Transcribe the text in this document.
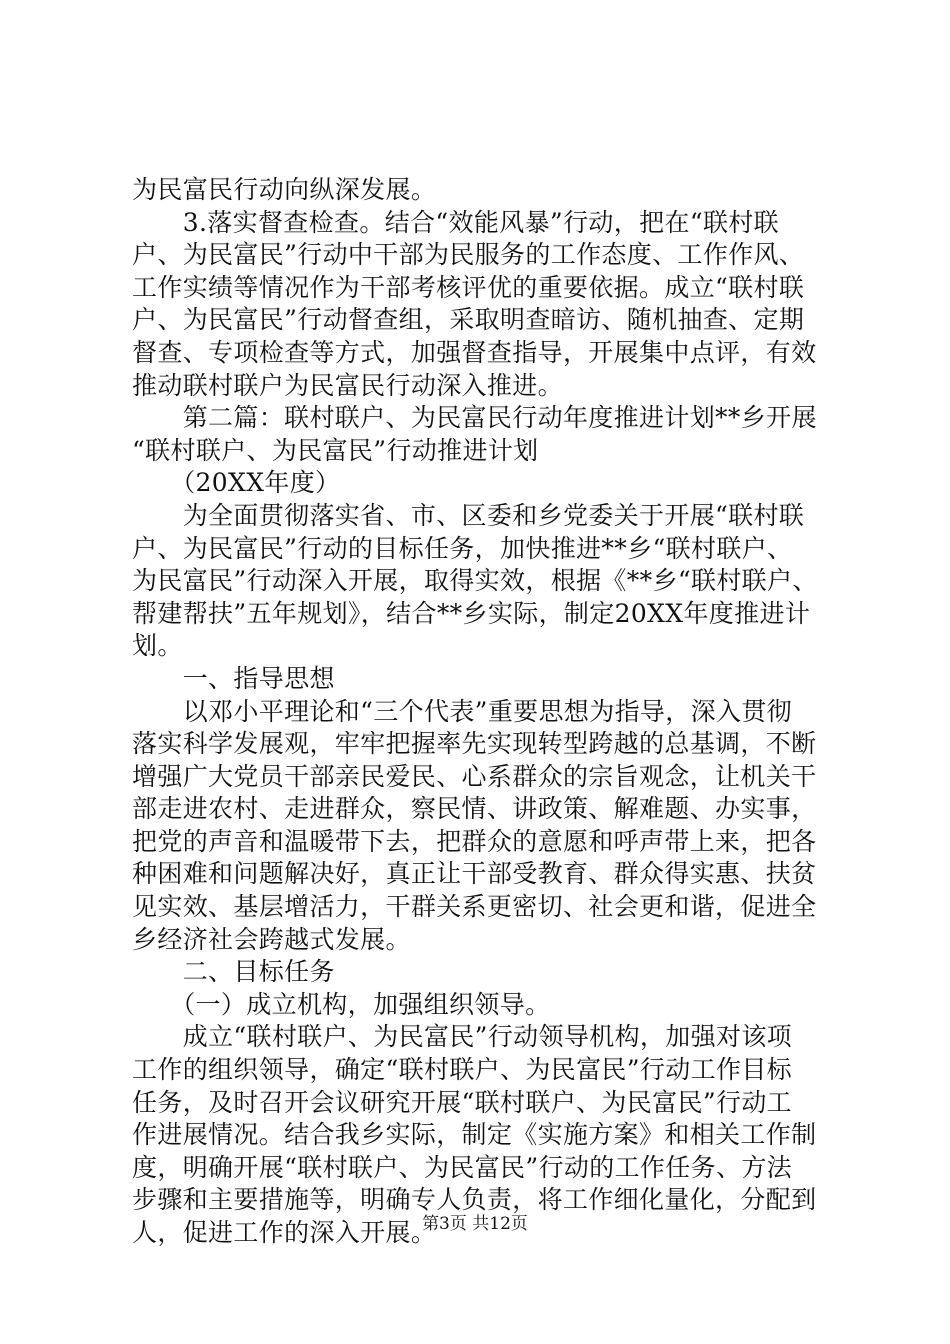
为民富民行动向纵深发展。
　　3.落实督查检查。结合“效能风暴”行动，把在“联村联
户、为民富民”行动中干部为民服务的工作态度、工作作风、
工作实绩等情况作为干部考核评优的重要依据。成立“联村联
户、为民富民”行动督查组，采取明查暗访、随机抽查、定期
督查、专项检查等方式，加强督查指导，开展集中点评，有效
推动联村联户为民富民行动深入推进。
　　第二篇：联村联户、为民富民行动年度推进计划**乡开展
“联村联户、为民富民”行动推进计划
　　（20XX年度）
　　为全面贯彻落实省、市、区委和乡党委关于开展“联村联
户、为民富民”行动的目标任务，加快推进**乡“联村联户、
为民富民”行动深入开展，取得实效，根据《**乡“联村联户、
帮建帮扶”五年规划》，结合**乡实际，制定20XX年度推进计
划。
　　一、指导思想
　　以邓小平理论和“三个代表”重要思想为指导，深入贯彻
落实科学发展观，牢牢把握率先实现转型跨越的总基调，不断
增强广大党员干部亲民爱民、心系群众的宗旨观念，让机关干
部走进农村、走进群众，察民情、讲政策、解难题、办实事，
把党的声音和温暖带下去，把群众的意愿和呼声带上来，把各
种困难和问题解决好，真正让干部受教育、群众得实惠、扶贫
见实效、基层增活力，干群关系更密切、社会更和谐，促进全
乡经济社会跨越式发展。
　　二、目标任务
　　（一）成立机构，加强组织领导。
　　成立“联村联户、为民富民”行动领导机构，加强对该项
工作的组织领导，确定“联村联户、为民富民”行动工作目标
任务，及时召开会议研究开展“联村联户、为民富民”行动工
作进展情况。结合我乡实际，制定《实施方案》和相关工作制
度，明确开展“联村联户、为民富民”行动的工作任务、方法
步骤和主要措施等，明确专人负责，将工作细化量化，分配到
人，促进工作的深入开展。
第3页 共12页
